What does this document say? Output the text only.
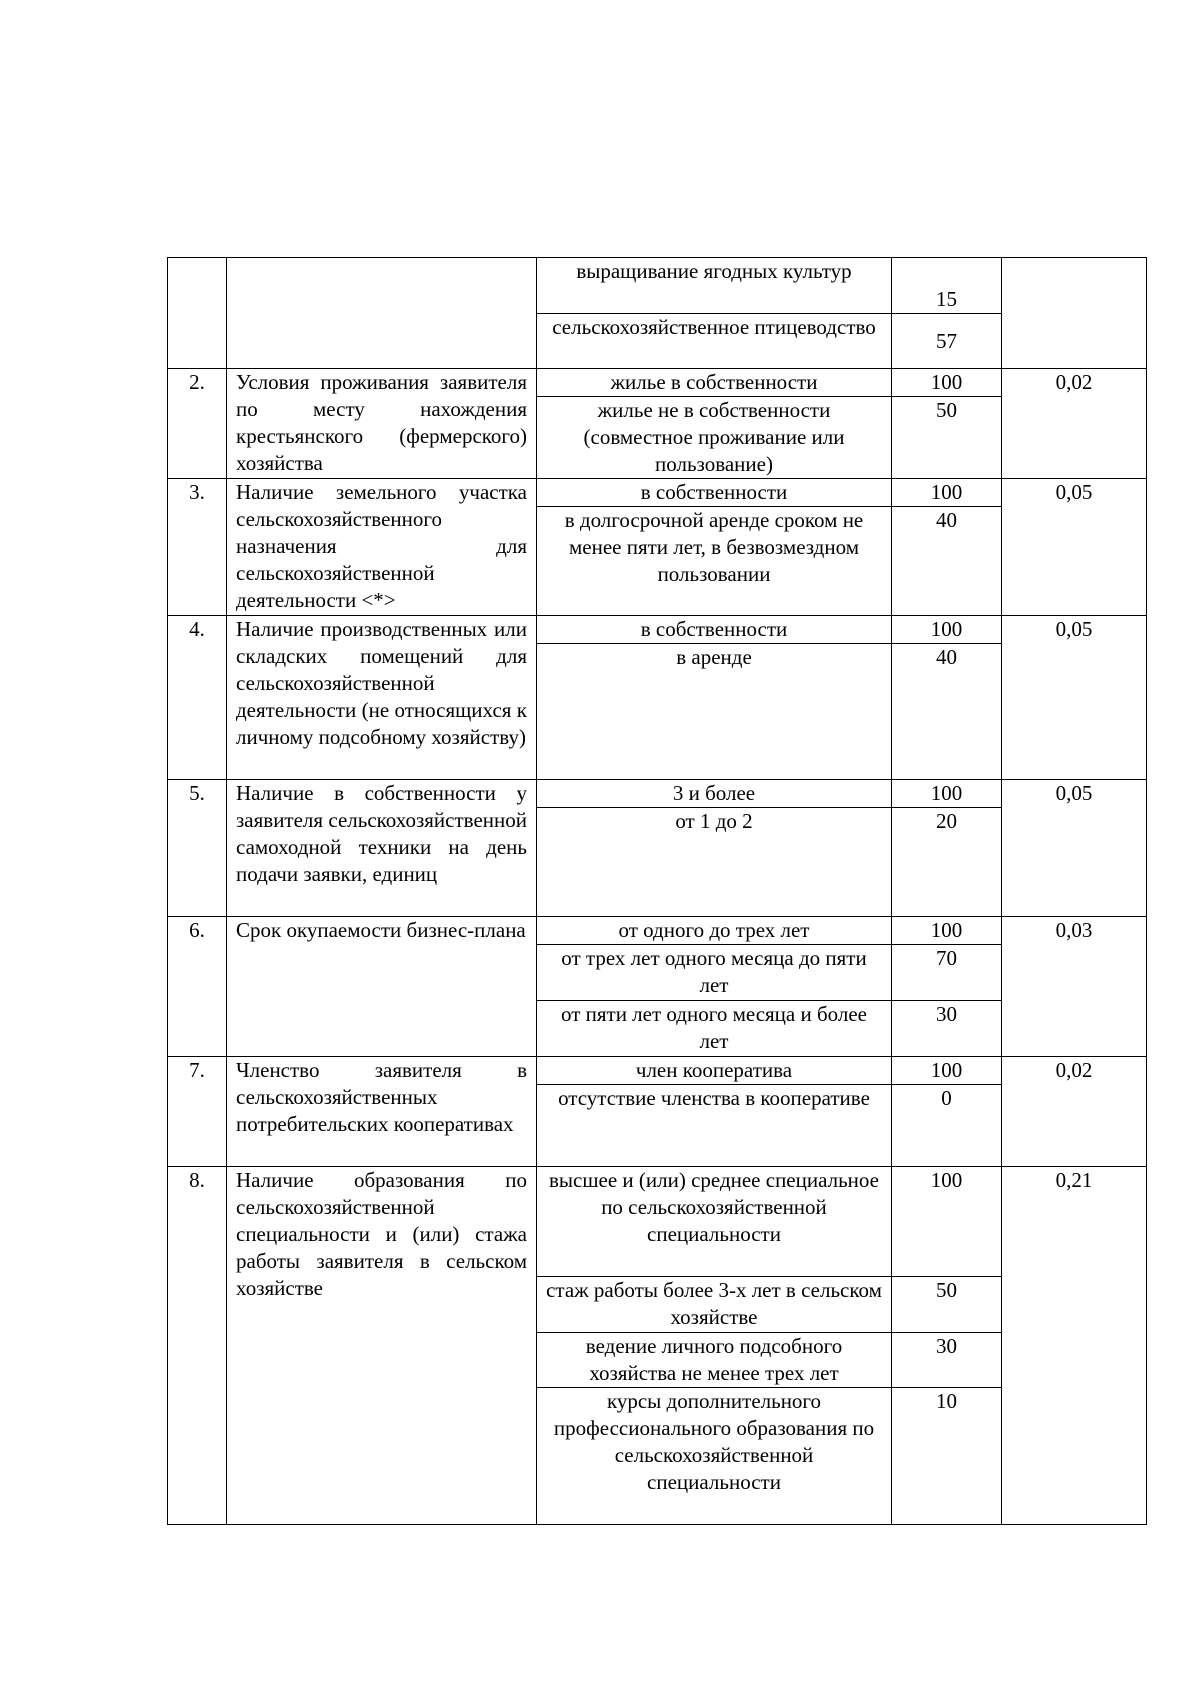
		выращивание ягодных культур	15	
		сельскохозяйственное птицеводство	57	
2.	Условия проживания заявителя по месту нахождения крестьянского (фермерского) хозяйства	жилье в собственности	100	0,02
		жилье не в собственности (совместное проживание или пользование)	50	
3.	Наличие земельного участка сельскохозяйственного назначения для сельскохозяйственной деятельности <*>	в собственности	100	0,05
		в долгосрочной аренде сроком не менее пяти лет, в безвозмездном пользовании	40	
4.	Наличие производственных или складских помещений для сельскохозяйственной деятельности (не относящихся к личному подсобному хозяйству)	в собственности	100	0,05
		в аренде	40	
5.	Наличие в собственности у заявителя сельскохозяйственной самоходной техники на день подачи заявки, единиц	3 и более	100	0,05
		от 1 до 2	20	
6.	Срок окупаемости бизнес-плана	от одного до трех лет	100	0,03
		от трех лет одного месяца до пяти лет	70	
		от пяти лет одного месяца и более лет	30	
7.	Членство заявителя в сельскохозяйственных потребительских кооперативах	член кооператива	100	0,02
		отсутствие членства в кооперативе	0	
8.	Наличие образования по сельскохозяйственной специальности и (или) стажа работы заявителя в сельском хозяйстве	высшее и (или) среднее специальное по сельскохозяйственной специальности	100	0,21
		стаж работы более 3-х лет в сельском хозяйстве	50	
		ведение личного подсобного хозяйства не менее трех лет	30	
		курсы дополнительного профессионального образования по сельскохозяйственной специальности	10	
